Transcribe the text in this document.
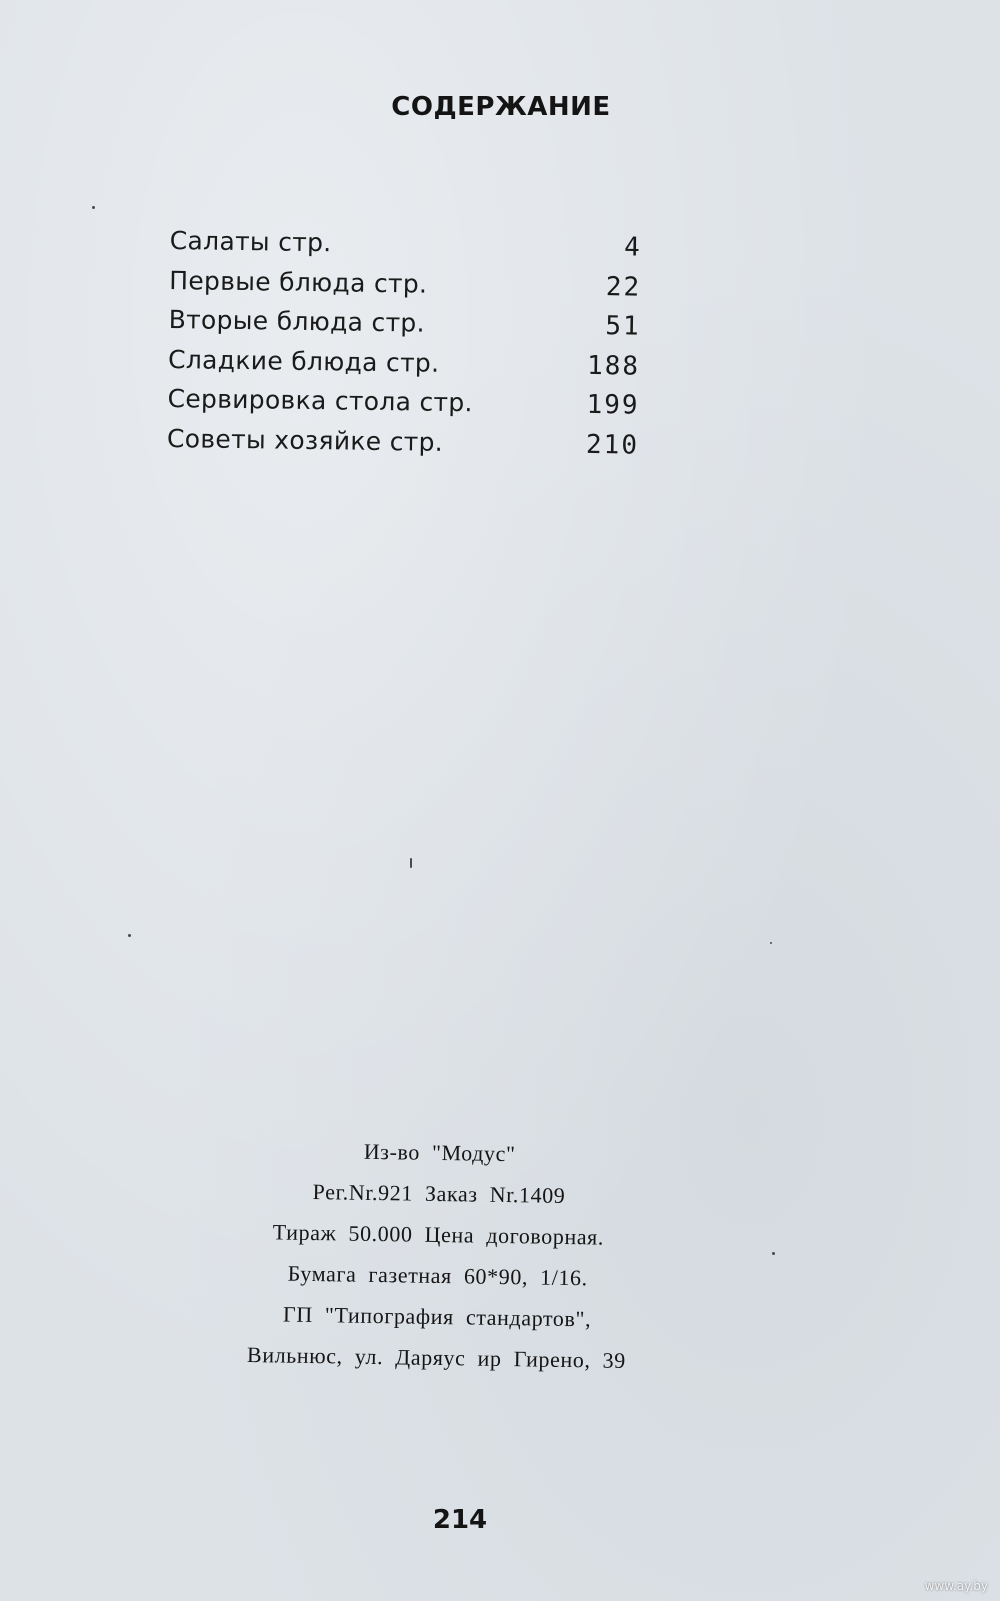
СОДЕРЖАНИЕ
Салаты стр.	4
Первые блюда стр.	22
Вторые блюда стр.	51
Сладкие блюда стр.	188
Сервировка стола стр.	199
Советы хозяйке стр.	210
Из-во "Модус"
Рег.Nr.921 Заказ Nr.1409
Тираж 50.000 Цена договорная.
Бумага газетная 60*90, 1/16.
ГП "Типография стандартов",
Вильнюс, ул. Даряус ир Гирено, 39
214
www.ay.by
